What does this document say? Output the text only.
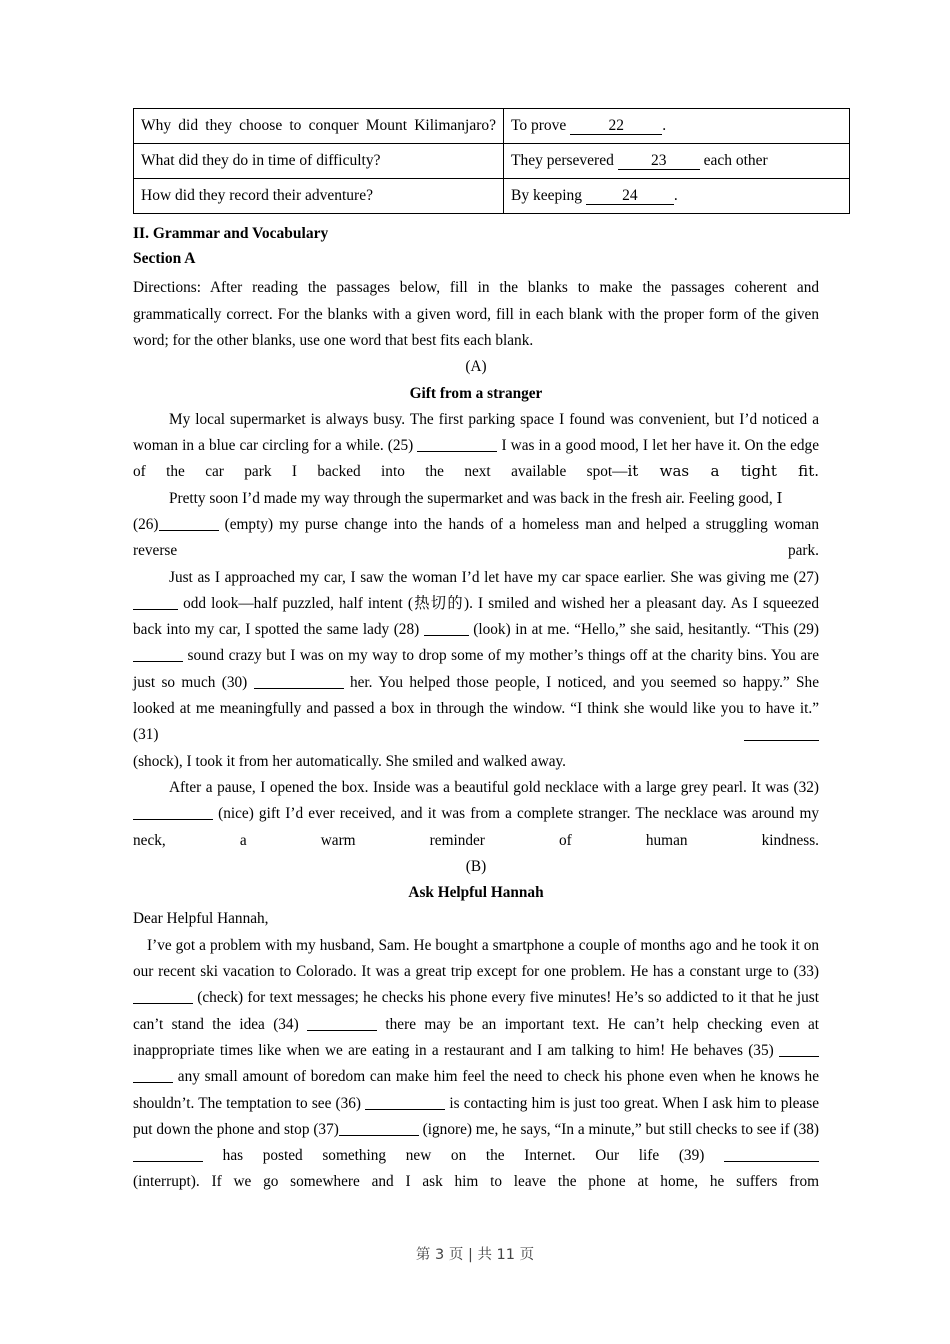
Why did they choose to conquer Mount Kilimanjaro?	To prove 22 .
What did they do in time of difficulty?	They persevered 23 each other
How did they record their adventure?	By keeping 24 .
II. Grammar and Vocabulary
Section A

Directions: After reading the passages below, fill in the blanks to make the passages coherent and grammatically correct. For the blanks with a given word, fill in each blank with the proper form of the given word; for the other blanks, use one word that best fits each blank.

(A)
Gift from a stranger

My local supermarket is always busy. The first parking space I found was convenient, but I’d noticed a woman in a blue car circling for a while. (25)	I was in a good mood, I let her have it. On the edge of the car park I backed into the next available spot—it was a tight fit.

Pretty soon I’d made my way through the supermarket and was back in the fresh air. Feeling good, I

(26)	(empty) my purse change into the hands of a homeless man and helped a struggling woman reverse park.

Just as I approached my car, I saw the woman I’d let have my car space earlier. She was giving me (27)  odd look—half puzzled, half intent (热切的). I smiled and wished her a pleasant day. As I squeezed back into my car, I spotted the same lady (28)	(look) in at me. “Hello,” she said, hesitantly. “This (29)  sound crazy but I was on my way to drop some of my mother’s things off at the charity bins. You are just so much (30)	her. You helped those people, I noticed, and you seemed so happy.” She looked at me meaningfully and passed a box in through the window. “I think she would like you to have it.” (31)

(shock), I took it from her automatically. She smiled and walked away.

After a pause, I opened the box. Inside was a beautiful gold necklace with a large grey pearl. It was (32)  (nice) gift I’d ever received, and it was from a complete stranger. The necklace was around my neck, a warm reminder of human kindness.

(B)
Ask Helpful Hannah

Dear Helpful Hannah,

I’ve got a problem with my husband, Sam. He bought a smartphone a couple of months ago and he took it on our recent ski vacation to Colorado. It was a great trip except for one problem. He has a constant urge to (33)  (check) for text messages; he checks his phone every five minutes! He’s so addicted to it that he just can’t stand the idea (34)	there may be an important text. He can’t help checking even at inappropriate times like when we are eating in a restaurant and I am talking to him! He behaves (35)   any small amount of boredom can make him feel the need to check his phone even when he knows he shouldn’t. The temptation to see (36)	is contacting him is just too great. When I ask him to please put down the phone and stop (37)	(ignore) me, he says, “In a minute,” but still checks to see if (38)  has posted something new on the Internet. Our life (39)

(interrupt). If we go somewhere and I ask him to leave the phone at home, he suffers from

第 3 页 | 共 11 页
